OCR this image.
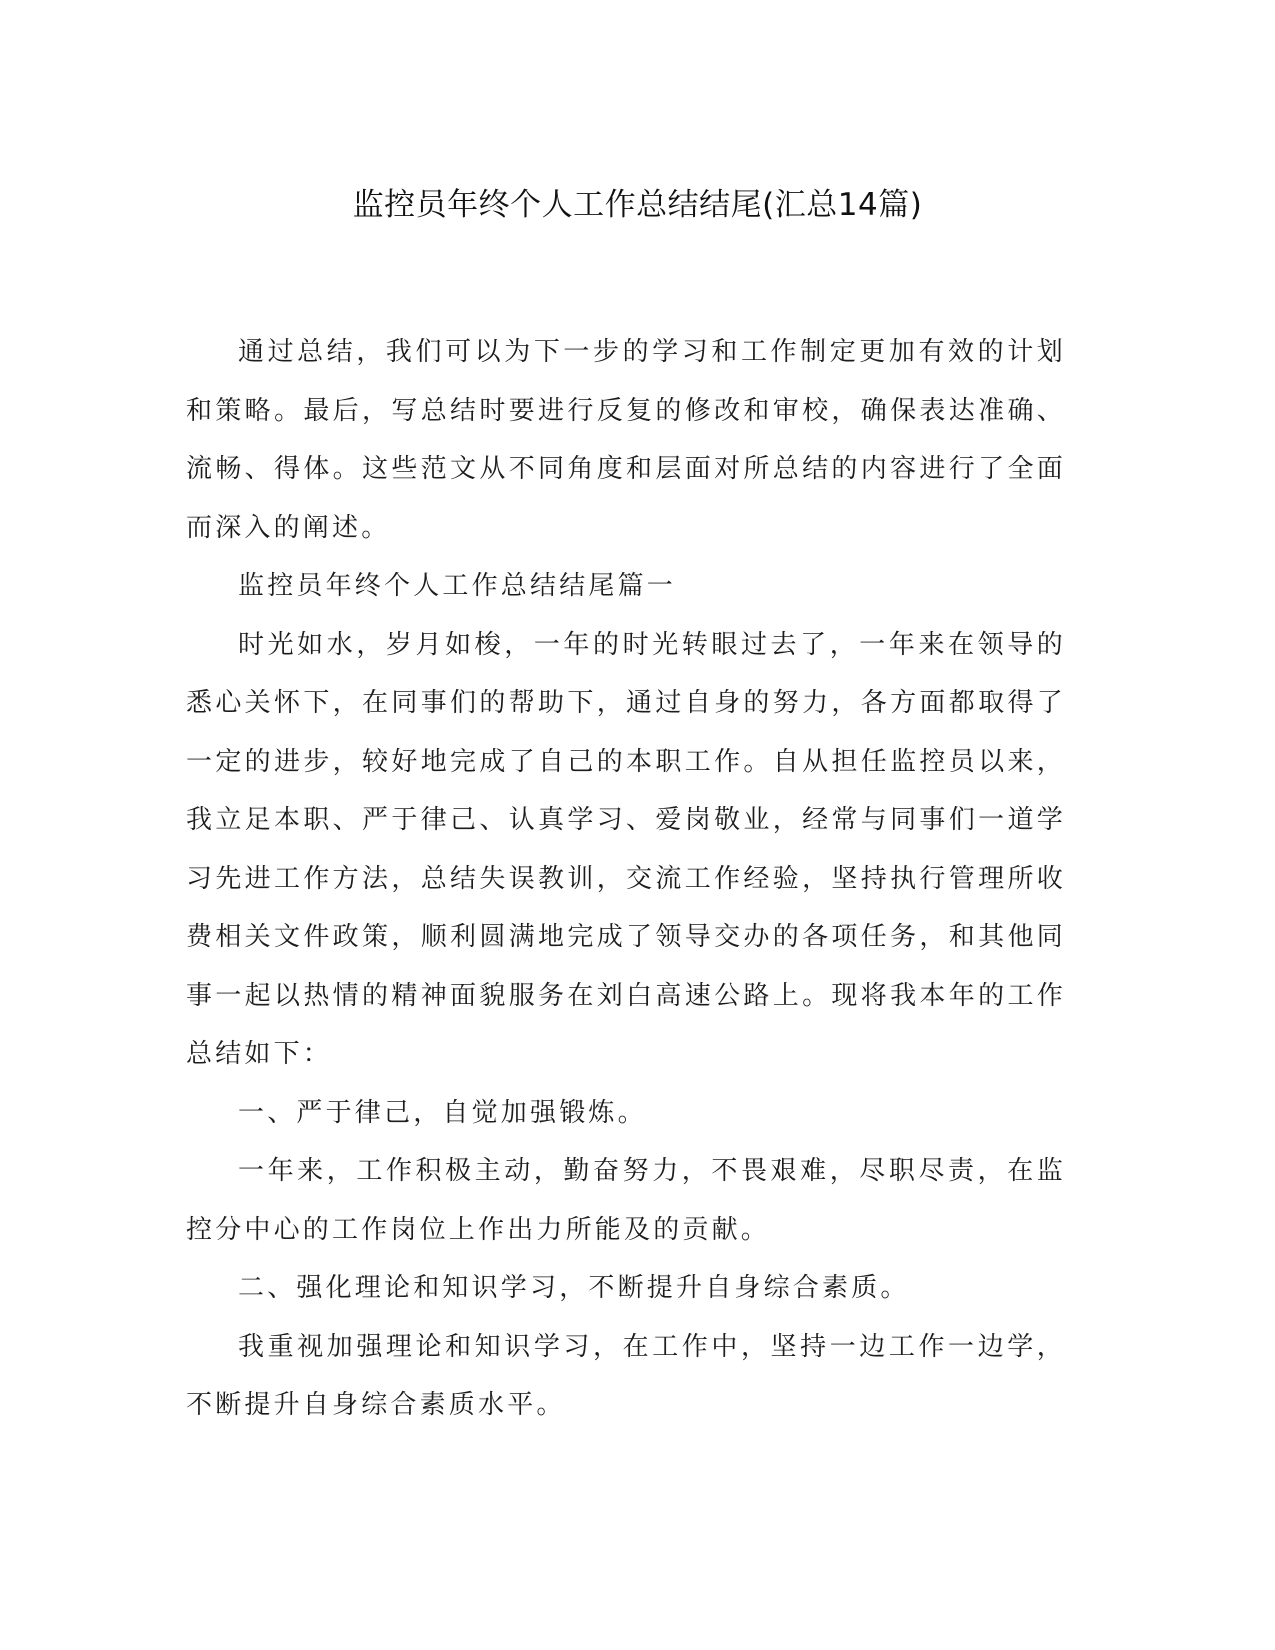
监控员年终个人工作总结结尾(汇总14篇)

通过总结，我们可以为下一步的学习和工作制定更加有效的计划和策略。最后，写总结时要进行反复的修改和审校，确保表达准确、流畅、得体。这些范文从不同角度和层面对所总结的内容进行了全面而深入的阐述。

监控员年终个人工作总结结尾篇一

时光如水，岁月如梭，一年的时光转眼过去了，一年来在领导的悉心关怀下，在同事们的帮助下，通过自身的努力，各方面都取得了一定的进步，较好地完成了自己的本职工作。自从担任监控员以来，我立足本职、严于律己、认真学习、爱岗敬业，经常与同事们一道学习先进工作方法，总结失误教训，交流工作经验，坚持执行管理所收费相关文件政策，顺利圆满地完成了领导交办的各项任务，和其他同事一起以热情的精神面貌服务在刘白高速公路上。现将我本年的工作总结如下：

一、严于律己，自觉加强锻炼。

一年来，工作积极主动，勤奋努力，不畏艰难，尽职尽责，在监控分中心的工作岗位上作出力所能及的贡献。

二、强化理论和知识学习，不断提升自身综合素质。

我重视加强理论和知识学习，在工作中，坚持一边工作一边学，不断提升自身综合素质水平。
